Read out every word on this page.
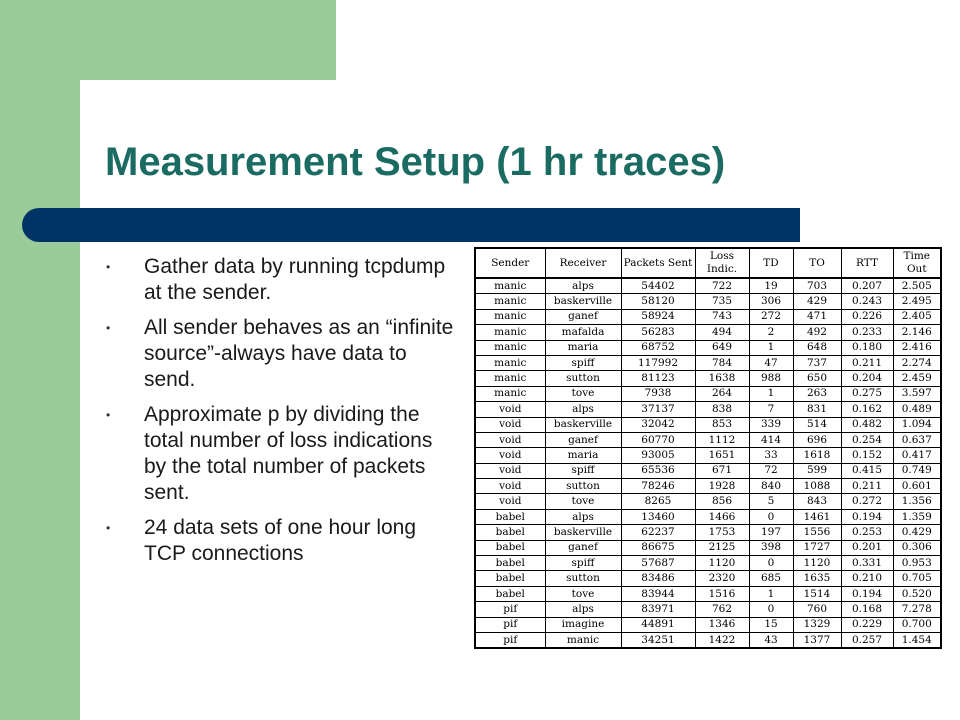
Measurement Setup (1 hr traces)
• Gather data by running tcpdump at the sender.
• All sender behaves as an “infinite source”-always have data to send.
• Approximate p by dividing the total number of loss indications by the total number of packets sent.
• 24 data sets of one hour long TCP connections
Sender	Receiver	Packets Sent	Loss Indic.	TD	TO	RTT	Time Out
manic	alps	54402	722	19	703	0.207	2.505
manic	baskerville	58120	735	306	429	0.243	2.495
manic	ganef	58924	743	272	471	0.226	2.405
manic	mafalda	56283	494	2	492	0.233	2.146
manic	maria	68752	649	1	648	0.180	2.416
manic	spiff	117992	784	47	737	0.211	2.274
manic	sutton	81123	1638	988	650	0.204	2.459
manic	tove	7938	264	1	263	0.275	3.597
void	alps	37137	838	7	831	0.162	0.489
void	baskerville	32042	853	339	514	0.482	1.094
void	ganef	60770	1112	414	696	0.254	0.637
void	maria	93005	1651	33	1618	0.152	0.417
void	spiff	65536	671	72	599	0.415	0.749
void	sutton	78246	1928	840	1088	0.211	0.601
void	tove	8265	856	5	843	0.272	1.356
babel	alps	13460	1466	0	1461	0.194	1.359
babel	baskerville	62237	1753	197	1556	0.253	0.429
babel	ganef	86675	2125	398	1727	0.201	0.306
babel	spiff	57687	1120	0	1120	0.331	0.953
babel	sutton	83486	2320	685	1635	0.210	0.705
babel	tove	83944	1516	1	1514	0.194	0.520
pif	alps	83971	762	0	760	0.168	7.278
pif	imagine	44891	1346	15	1329	0.229	0.700
pif	manic	34251	1422	43	1377	0.257	1.454
